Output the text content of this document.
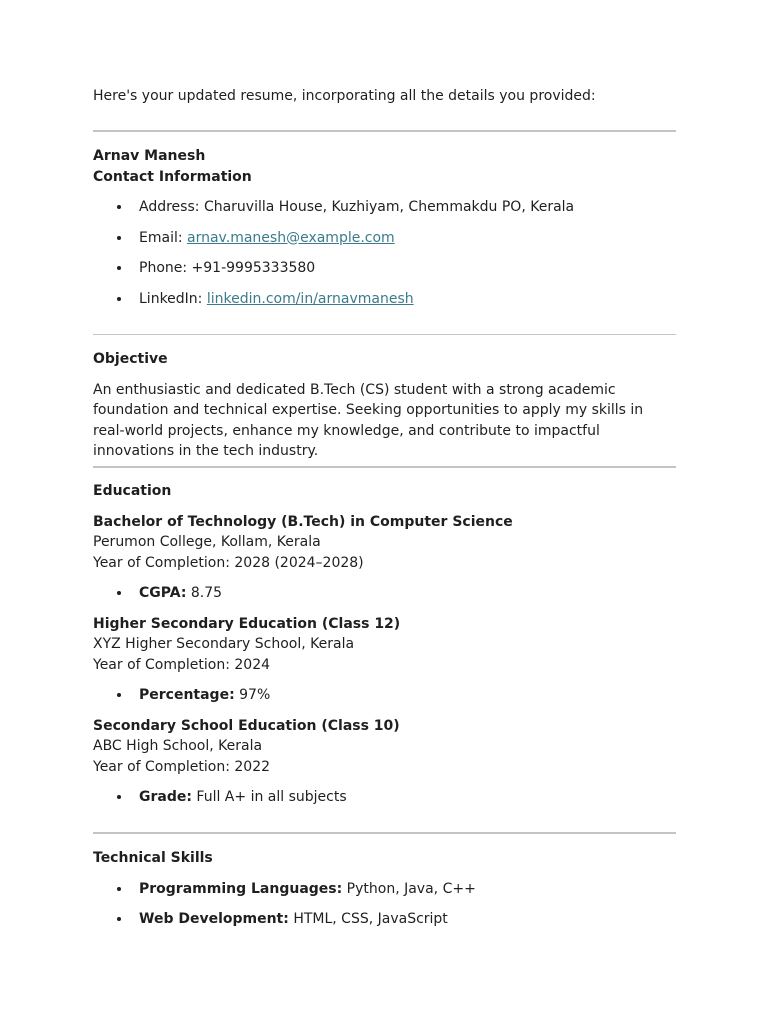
Here's your updated resume, incorporating all the details you provided:

Arnav Manesh
Contact Information
Address: Charuvilla House, Kuzhiyam, Chemmakdu PO, Kerala
Email: arnav.manesh@example.com
Phone: +91-9995333580
LinkedIn: linkedin.com/in/arnavmanesh
Objective

An enthusiastic and dedicated B.Tech (CS) student with a strong academic foundation and technical expertise. Seeking opportunities to apply my skills in real-world projects, enhance my knowledge, and contribute to impactful innovations in the tech industry.

Education
Bachelor of Technology (B.Tech) in Computer Science
Perumon College, Kollam, Kerala
Year of Completion: 2028 (2024–2028)
CGPA: 8.75
Higher Secondary Education (Class 12)
XYZ Higher Secondary School, Kerala
Year of Completion: 2024
Percentage: 97%
Secondary School Education (Class 10)
ABC High School, Kerala
Year of Completion: 2022
Grade: Full A+ in all subjects
Technical Skills
Programming Languages: Python, Java, C++
Web Development: HTML, CSS, JavaScript
